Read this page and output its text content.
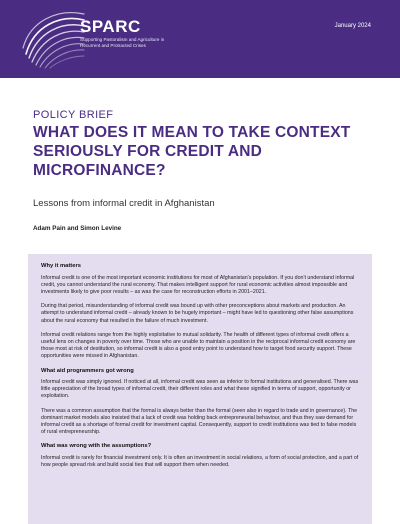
SPARC
Supporting Pastoralism and Agriculture in Recurrent and Protracted Crises
January 2024
POLICY BRIEF
WHAT DOES IT MEAN TO TAKE CONTEXT SERIOUSLY FOR CREDIT AND MICROFINANCE?
Lessons from informal credit in Afghanistan
Adam Pain and Simon Levine
Why it matters

Informal credit is one of the most important economic institutions for most of Afghanistan's population. If you don't understand informal credit, you cannot understand the rural economy. That makes intelligent support for rural economic activities almost impossible and investments likely to give poor results – as was the case for reconstruction efforts in 2001–2021.

During that period, misunderstanding of informal credit was bound up with other preconceptions about markets and production. An attempt to understand informal credit – already known to be hugely important – might have led to questioning other false assumptions about the rural economy that resulted in the failure of much investment.

Informal credit relations range from the highly exploitative to mutual solidarity. The health of different types of informal credit offers a useful lens on changes in poverty over time. Those who are unable to maintain a position in the reciprocal informal credit economy are those most at risk of destitution, so informal credit is also a good entry point to understand how to target food security support. These opportunities were missed in Afghanistan.

What aid programmers got wrong

Informal credit was simply ignored. If noticed at all, informal credit was seen as inferior to formal institutions and generalised. There was little appreciation of the broad types of informal credit, their different roles and what these signified in terms of support, opportunity or exploitation.

There was a common assumption that the formal is always better than the formal (seen also in regard to trade and in governance). The dominant market models also insisted that a lack of credit was holding back entrepreneurial behaviour, and thus they saw demand for informal credit as a shortage of formal credit for investment capital. Consequently, support to credit institutions was tied to false models of rural entrepreneurship.

What was wrong with the assumptions?

Informal credit is rarely for financial investment only. It is often an investment in social relations, a form of social protection, and a part of how people spread risk and build social ties that will support them when needed.
